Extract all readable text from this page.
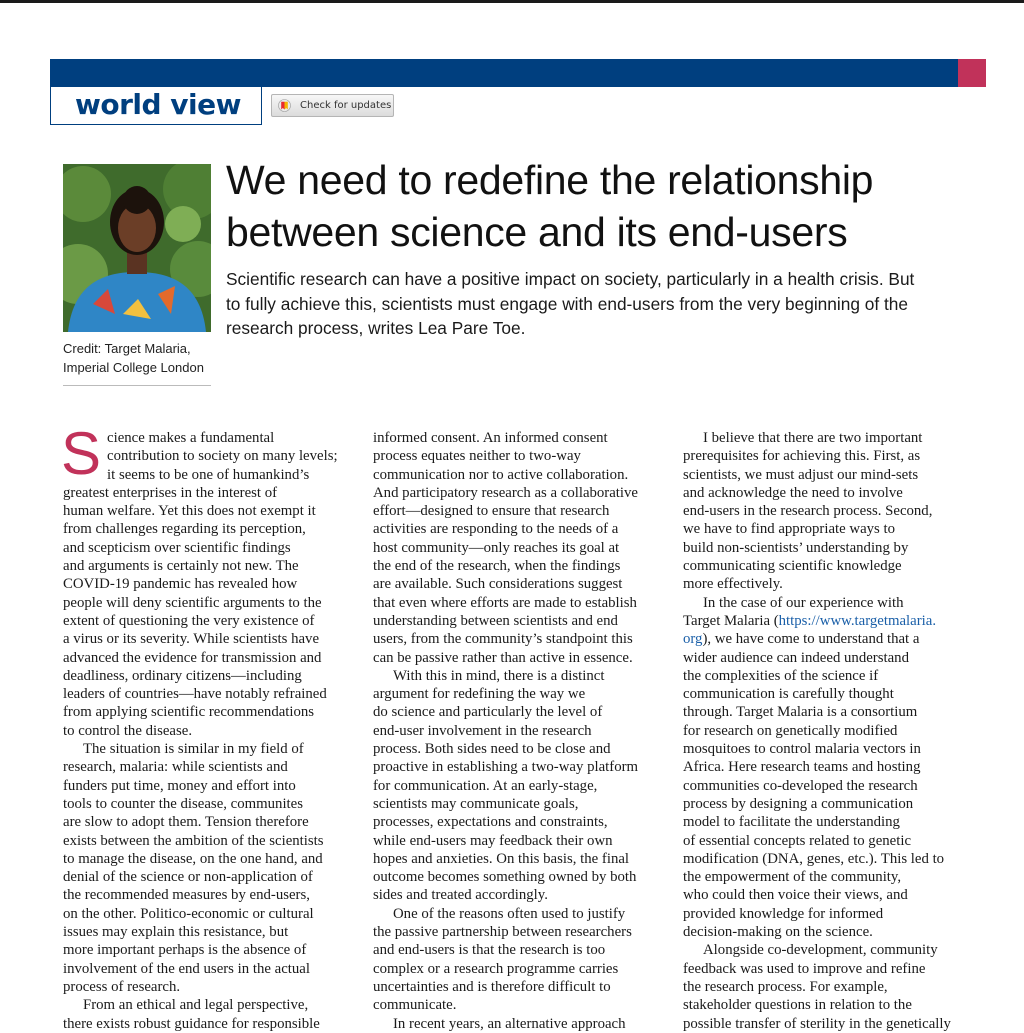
world view	Check for updates
Credit: Target Malaria,
Imperial College London
We need to redefine the relationship
between science and its end-users

Scientific research can have a positive impact on society, particularly in a health crisis. But
to fully achieve this, scientists must engage with end-users from the very beginning of the
research process, writes Lea Pare Toe.

Science makes a fundamental
contribution to society on many levels;
it seems to be one of humankind’s
greatest enterprises in the interest of
human welfare. Yet this does not exempt it
from challenges regarding its perception,
and scepticism over scientific findings
and arguments is certainly not new. The
COVID-19 pandemic has revealed how
people will deny scientific arguments to the
extent of questioning the very existence of
a virus or its severity. While scientists have
advanced the evidence for transmission and
deadliness, ordinary citizens—including
leaders of countries—have notably refrained
from applying scientific recommendations
to control the disease.

The situation is similar in my field of
research, malaria: while scientists and
funders put time, money and effort into
tools to counter the disease, communites
are slow to adopt them. Tension therefore
exists between the ambition of the scientists
to manage the disease, on the one hand, and
denial of the science or non-application of
the recommended measures by end-users,
on the other. Politico-economic or cultural
issues may explain this resistance, but
more important perhaps is the absence of
involvement of the end users in the actual
process of research.

From an ethical and legal perspective,
there exists robust guidance for responsible

informed consent. An informed consent
process equates neither to two-way
communication nor to active collaboration.
And participatory research as a collaborative
effort—designed to ensure that research
activities are responding to the needs of a
host community—only reaches its goal at
the end of the research, when the findings
are available. Such considerations suggest
that even where efforts are made to establish
understanding between scientists and end
users, from the community’s standpoint this
can be passive rather than active in essence.

With this in mind, there is a distinct
argument for redefining the way we
do science and particularly the level of
end-user involvement in the research
process. Both sides need to be close and
proactive in establishing a two-way platform
for communication. At an early-stage,
scientists may communicate goals,
processes, expectations and constraints,
while end-users may feedback their own
hopes and anxieties. On this basis, the final
outcome becomes something owned by both
sides and treated accordingly.

One of the reasons often used to justify
the passive partnership between researchers
and end-users is that the research is too
complex or a research programme carries
uncertainties and is therefore difficult to
communicate.

In recent years, an alternative approach

I believe that there are two important
prerequisites for achieving this. First, as
scientists, we must adjust our mind-sets
and acknowledge the need to involve
end-users in the research process. Second,
we have to find appropriate ways to
build non-scientists’ understanding by
communicating scientific knowledge
more effectively.

In the case of our experience with
Target Malaria (https://www.targetmalaria.
org), we have come to understand that a
wider audience can indeed understand
the complexities of the science if
communication is carefully thought
through. Target Malaria is a consortium
for research on genetically modified
mosquitoes to control malaria vectors in
Africa. Here research teams and hosting
communities co-developed the research
process by designing a communication
model to facilitate the understanding
of essential concepts related to genetic
modification (DNA, genes, etc.). This led to
the empowerment of the community,
who could then voice their views, and
provided knowledge for informed
decision-making on the science.

Alongside co-development, community
feedback was used to improve and refine
the research process. For example,
stakeholder questions in relation to the
possible transfer of sterility in the genetically
